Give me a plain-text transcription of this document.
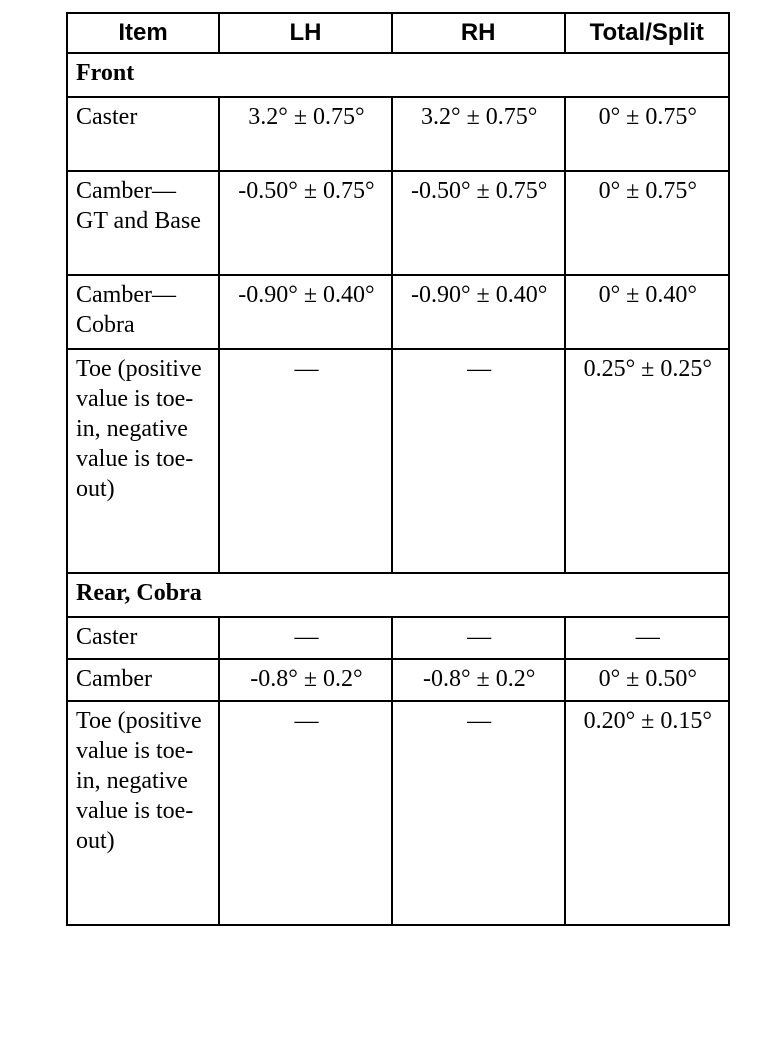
Item	LH	RH	Total/Split
Front			
Caster	3.2° ± 0.75°	3.2° ± 0.75°	0° ± 0.75°
Camber— GT and Base	-0.50° ± 0.75°	-0.50° ± 0.75°	0° ± 0.75°
Camber— Cobra	-0.90° ± 0.40°	-0.90° ± 0.40°	0° ± 0.40°
Toe (positive value is toe-in, negative value is toe-out)	—	—	0.25° ± 0.25°
Rear, Cobra			
Caster	—	—	—
Camber	-0.8° ± 0.2°	-0.8° ± 0.2°	0° ± 0.50°
Toe (positive value is toe-in, negative value is toe-out)	—	—	0.20° ± 0.15°
